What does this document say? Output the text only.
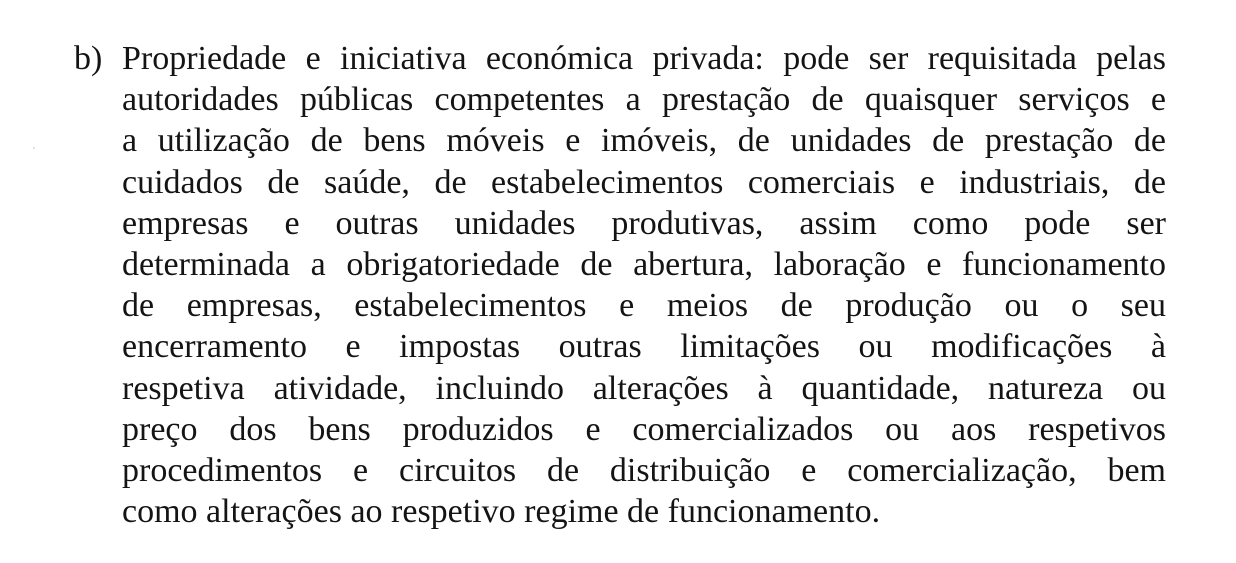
b) Propriedade e iniciativa económica privada: pode ser requisitada pelas
autoridades públicas competentes a prestação de quaisquer serviços e
a utilização de bens móveis e imóveis, de unidades de prestação de
cuidados de saúde, de estabelecimentos comerciais e industriais, de
empresas e outras unidades produtivas, assim como pode ser
determinada a obrigatoriedade de abertura, laboração e funcionamento
de empresas, estabelecimentos e meios de produção ou o seu
encerramento e impostas outras limitações ou modificações à
respetiva atividade, incluindo alterações à quantidade, natureza ou
preço dos bens produzidos e comercializados ou aos respetivos
procedimentos e circuitos de distribuição e comercialização, bem
como alterações ao respetivo regime de funcionamento.
